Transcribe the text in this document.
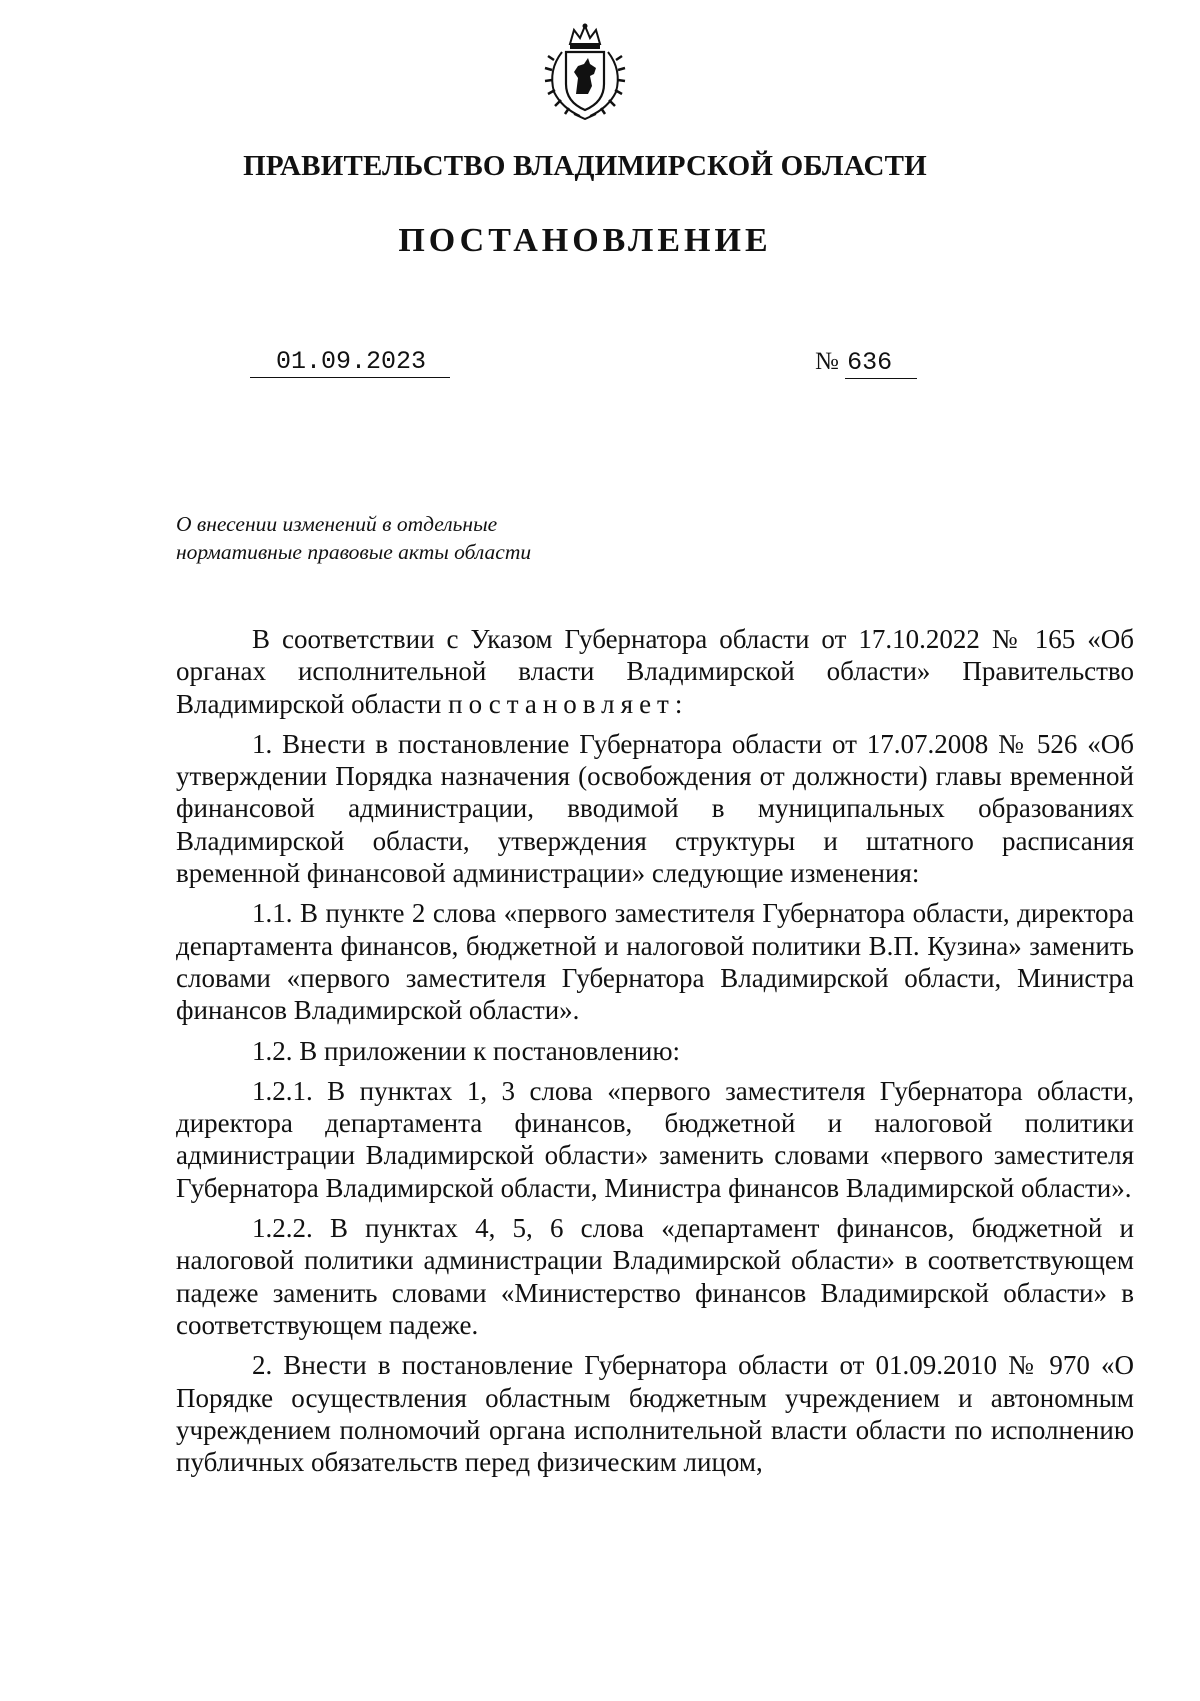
ПРАВИТЕЛЬСТВО ВЛАДИМИРСКОЙ ОБЛАСТИ
ПОСТАНОВЛЕНИЕ
01.09.2023	№ 636
О внесении изменений в отдельные
нормативные правовые акты области

В соответствии с Указом Губернатора области от 17.10.2022 № 165 «Об органах исполнительной власти Владимирской области» Правительство Владимирской области постановляет:

1. Внести в постановление Губернатора области от 17.07.2008 № 526 «Об утверждении Порядка назначения (освобождения от должности) главы временной финансовой администрации, вводимой в муниципальных образованиях Владимирской области, утверждения структуры и штатного расписания временной финансовой администрации» следующие изменения:

1.1. В пункте 2 слова «первого заместителя Губернатора области, директора департамента финансов, бюджетной и налоговой политики В.П. Кузина» заменить словами «первого заместителя Губернатора Владимирской области, Министра финансов Владимирской области».

1.2. В приложении к постановлению:

1.2.1. В пунктах 1, 3 слова «первого заместителя Губернатора области, директора департамента финансов, бюджетной и налоговой политики администрации Владимирской области» заменить словами «первого заместителя Губернатора Владимирской области, Министра финансов Владимирской области».

1.2.2. В пунктах 4, 5, 6 слова «департамент финансов, бюджетной и налоговой политики администрации Владимирской области» в соответствующем падеже заменить словами «Министерство финансов Владимирской области» в соответствующем падеже.

2. Внести в постановление Губернатора области от 01.09.2010 № 970 «О Порядке осуществления областным бюджетным учреждением и автономным учреждением полномочий органа исполнительной власти области по исполнению публичных обязательств перед физическим лицом,
